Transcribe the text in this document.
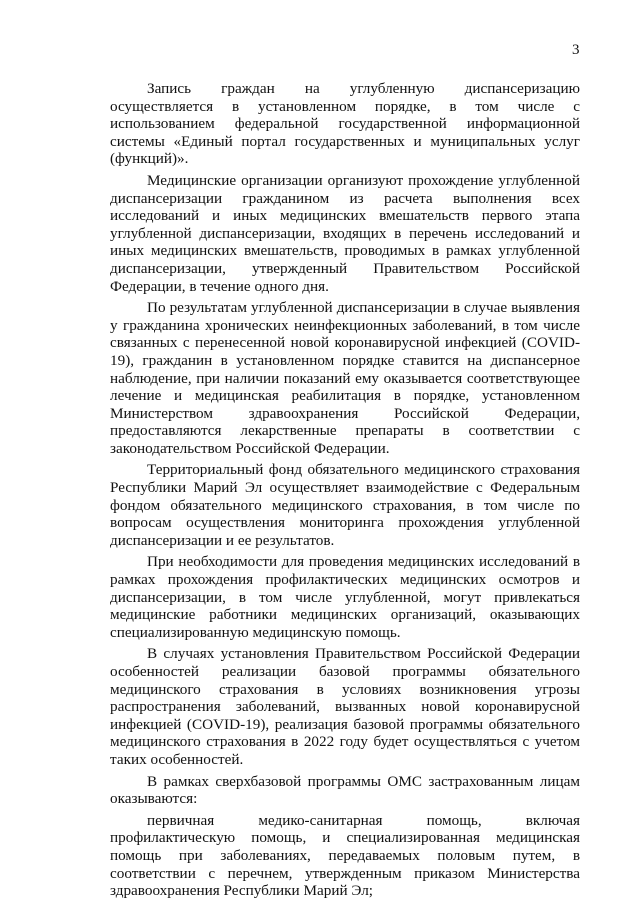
3

Запись граждан на углубленную диспансеризацию осуществляется в установленном порядке, в том числе с использованием федеральной государственной информационной системы «Единый портал государственных и муниципальных услуг (функций)».

Медицинские организации организуют прохождение углубленной диспансеризации гражданином из расчета выполнения всех исследований и иных медицинских вмешательств первого этапа углубленной диспансеризации, входящих в перечень исследований и иных медицинских вмешательств, проводимых в рамках углубленной диспансеризации, утвержденный Правительством Российской Федерации, в течение одного дня.

По результатам углубленной диспансеризации в случае выявления у гражданина хронических неинфекционных заболеваний, в том числе связанных с перенесенной новой коронавирусной инфекцией (COVID-19), гражданин в установленном порядке ставится на диспансерное наблюдение, при наличии показаний ему оказывается соответствующее лечение и медицинская реабилитация в порядке, установленном Министерством здравоохранения Российской Федерации, предоставляются лекарственные препараты в соответствии с законодательством Российской Федерации.

Территориальный фонд обязательного медицинского страхования Республики Марий Эл осуществляет взаимодействие с Федеральным фондом обязательного медицинского страхования, в том числе по вопросам осуществления мониторинга прохождения углубленной диспансеризации и ее результатов.

При необходимости для проведения медицинских исследований в рамках прохождения профилактических медицинских осмотров и диспансеризации, в том числе углубленной, могут привлекаться медицинские работники медицинских организаций, оказывающих специализированную медицинскую помощь.

В случаях установления Правительством Российской Федерации особенностей реализации базовой программы обязательного медицинского страхования в условиях возникновения угрозы распространения заболеваний, вызванных новой коронавирусной инфекцией (COVID-19), реализация базовой программы обязательного медицинского страхования в 2022 году будет осуществляться с учетом таких особенностей.

В рамках сверхбазовой программы ОМС застрахованным лицам оказываются:

первичная медико-санитарная помощь, включая профилактическую помощь, и специализированная медицинская помощь при заболеваниях, передаваемых половым путем, в соответствии с перечнем, утвержденным приказом Министерства здравоохранения Республики Марий Эл;
